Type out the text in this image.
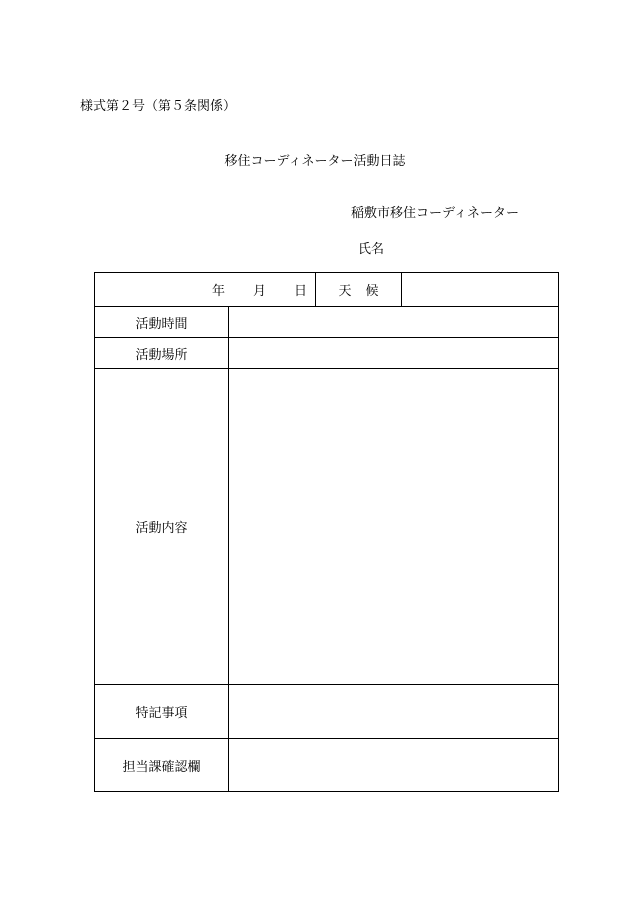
様式第２号（第５条関係）
移住コーディネーター活動日誌
稲敷市移住コーディネーター
氏名
年 月 日		天 候	
活動時間			
活動場所			
活動内容			
特記事項			
担当課確認欄			
